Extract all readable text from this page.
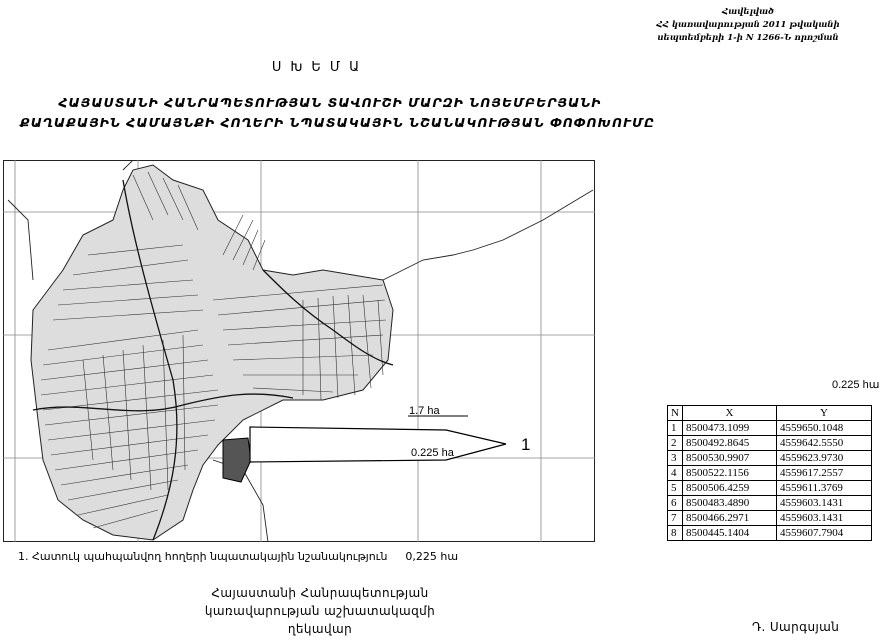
Հավելված
ՀՀ կառավարության 2011 թվականի
սեպտեմբերի 1-ի N 1266-Ն որոշման
ՍԽԵՄԱ
ՀԱՅԱՍՏԱՆԻ ՀԱՆՐԱՊԵՏՈՒԹՅԱՆ ՏԱՎՈՒՇԻ ՄԱՐԶԻ ՆՈՅԵՄԲԵՐՅԱՆԻ
ՔԱՂԱՔԱՅԻՆ ՀԱՄԱՅՆՔԻ ՀՈՂԵՐԻ ՆՊԱՏԱԿԱՅԻՆ ՆՇԱՆԱԿՈՒԹՅԱՆ ՓՈՓՈԽՈՒՄԸ
1.7 ha
0.225 ha	1
0.225 hա
N	X	Y
1	8500473.1099	4559650.1048
2	8500492.8645	4559642.5550
3	8500530.9907	4559623.9730
4	8500522.1156	4559617.2557
5	8500506.4259	4559611.3769
6	8500483.4890	4559603.1431
7	8500466.2971	4559603.1431
8	8500445.1404	4559607.7904
1. Հատուկ պահպանվող հողերի նպատակային նշանակություն 0,225 hա
Հայաստանի Հանրապետության
կառավարության աշխատակազմի
ղեկավար	Դ. Սարգսյան
